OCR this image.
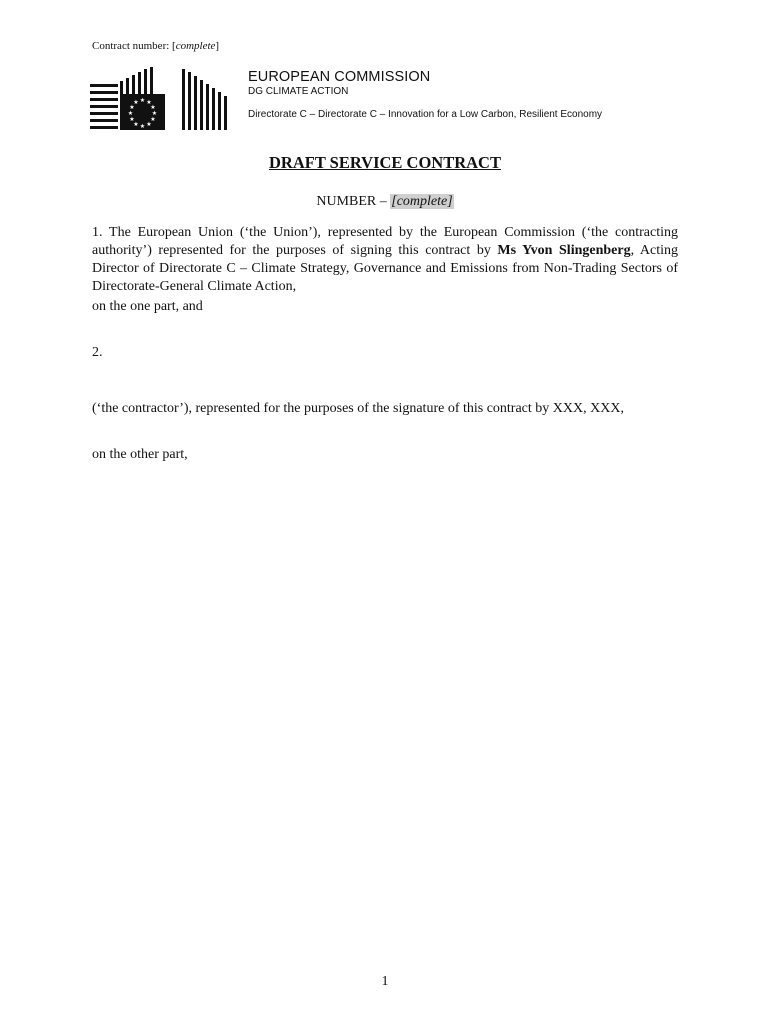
Contract number: [complete]
★ ★
★
★
★
★
★
★
★
★
★
★
EUROPEAN COMMISSION
DG CLIMATE ACTION
Directorate C – Directorate C – Innovation for a Low Carbon, Resilient Economy
DRAFT SERVICE CONTRACT
NUMBER – [complete]
1. The European Union (‘the Union’), represented by the European Commission (‘the contracting authority’) represented for the purposes of signing this contract by Ms Yvon Slingenberg, Acting Director of Directorate C – Climate Strategy, Governance and Emissions from Non-Trading Sectors of Directorate-General Climate Action,
on the one part, and
2.
(‘the contractor’), represented for the purposes of the signature of this contract by XXX, XXX,
on the other part,
1
